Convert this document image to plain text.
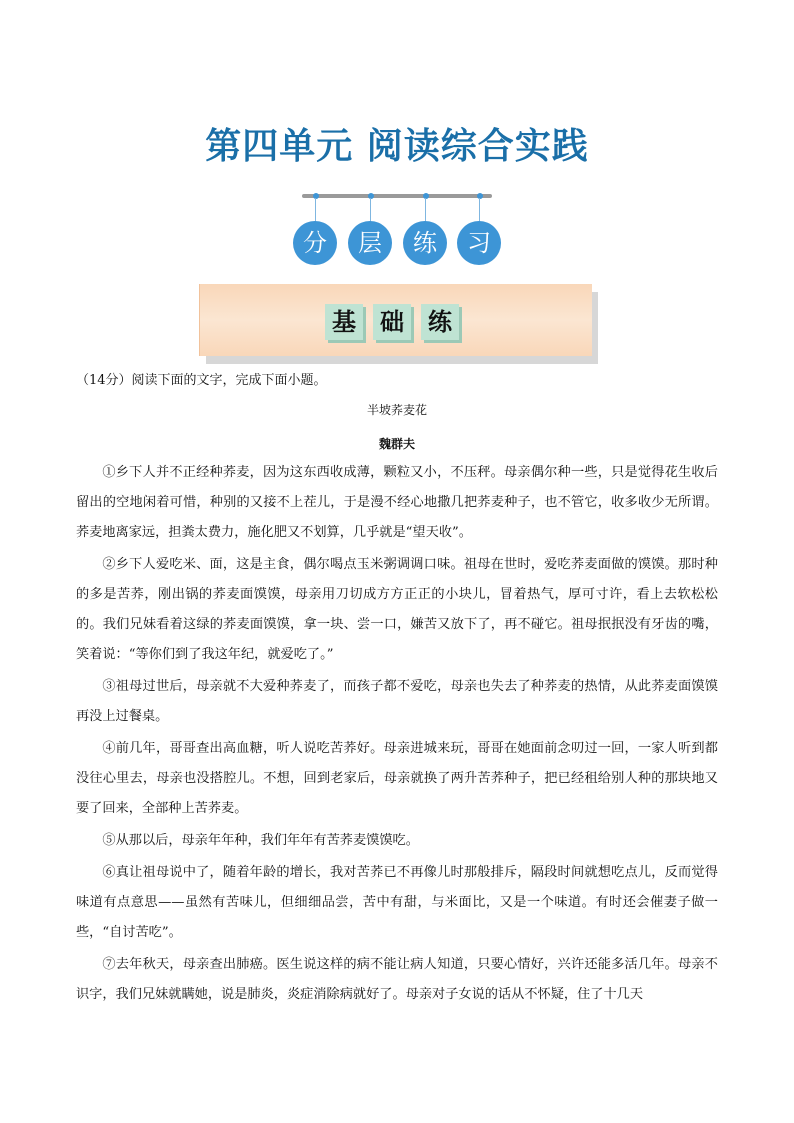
第四单元 阅读综合实践
分	层	练	习
基 础 练
（14分）阅读下面的文字，完成下面小题。
半坡荞麦花
魏群夫

①乡下人并不正经种荞麦，因为这东西收成薄，颗粒又小，不压秤。母亲偶尔种一些，只是觉得花生收后留出的空地闲着可惜，种别的又接不上茬儿，于是漫不经心地撒几把荞麦种子，也不管它，收多收少无所谓。荞麦地离家远，担粪太费力，施化肥又不划算，几乎就是“望天收”。

②乡下人爱吃米、面，这是主食，偶尔喝点玉米粥调调口味。祖母在世时，爱吃荞麦面做的馍馍。那时种的多是苦荞，刚出锅的荞麦面馍馍，母亲用刀切成方方正正的小块儿，冒着热气，厚可寸许，看上去软松松的。我们兄妹看着这绿的荞麦面馍馍，拿一块、尝一口，嫌苦又放下了，再不碰它。祖母抿抿没有牙齿的嘴，笑着说：“等你们到了我这年纪，就爱吃了。”

③祖母过世后，母亲就不大爱种荞麦了，而孩子都不爱吃，母亲也失去了种荞麦的热情，从此荞麦面馍馍再没上过餐桌。

④前几年，哥哥查出高血糖，听人说吃苦荞好。母亲进城来玩，哥哥在她面前念叨过一回，一家人听到都没往心里去，母亲也没搭腔儿。不想，回到老家后，母亲就换了两升苦荞种子，把已经租给别人种的那块地又要了回来，全部种上苦荞麦。

⑤从那以后，母亲年年种，我们年年有苦荞麦馍馍吃。

⑥真让祖母说中了，随着年龄的增长，我对苦荞已不再像儿时那般排斥，隔段时间就想吃点儿，反而觉得味道有点意思——虽然有苦味儿，但细细品尝，苦中有甜，与米面比，又是一个味道。有时还会催妻子做一些，“自讨苦吃”。

⑦去年秋天，母亲查出肺癌。医生说这样的病不能让病人知道，只要心情好，兴许还能多活几年。母亲不识字，我们兄妹就瞒她，说是肺炎，炎症消除病就好了。母亲对子女说的话从不怀疑，住了十几天
